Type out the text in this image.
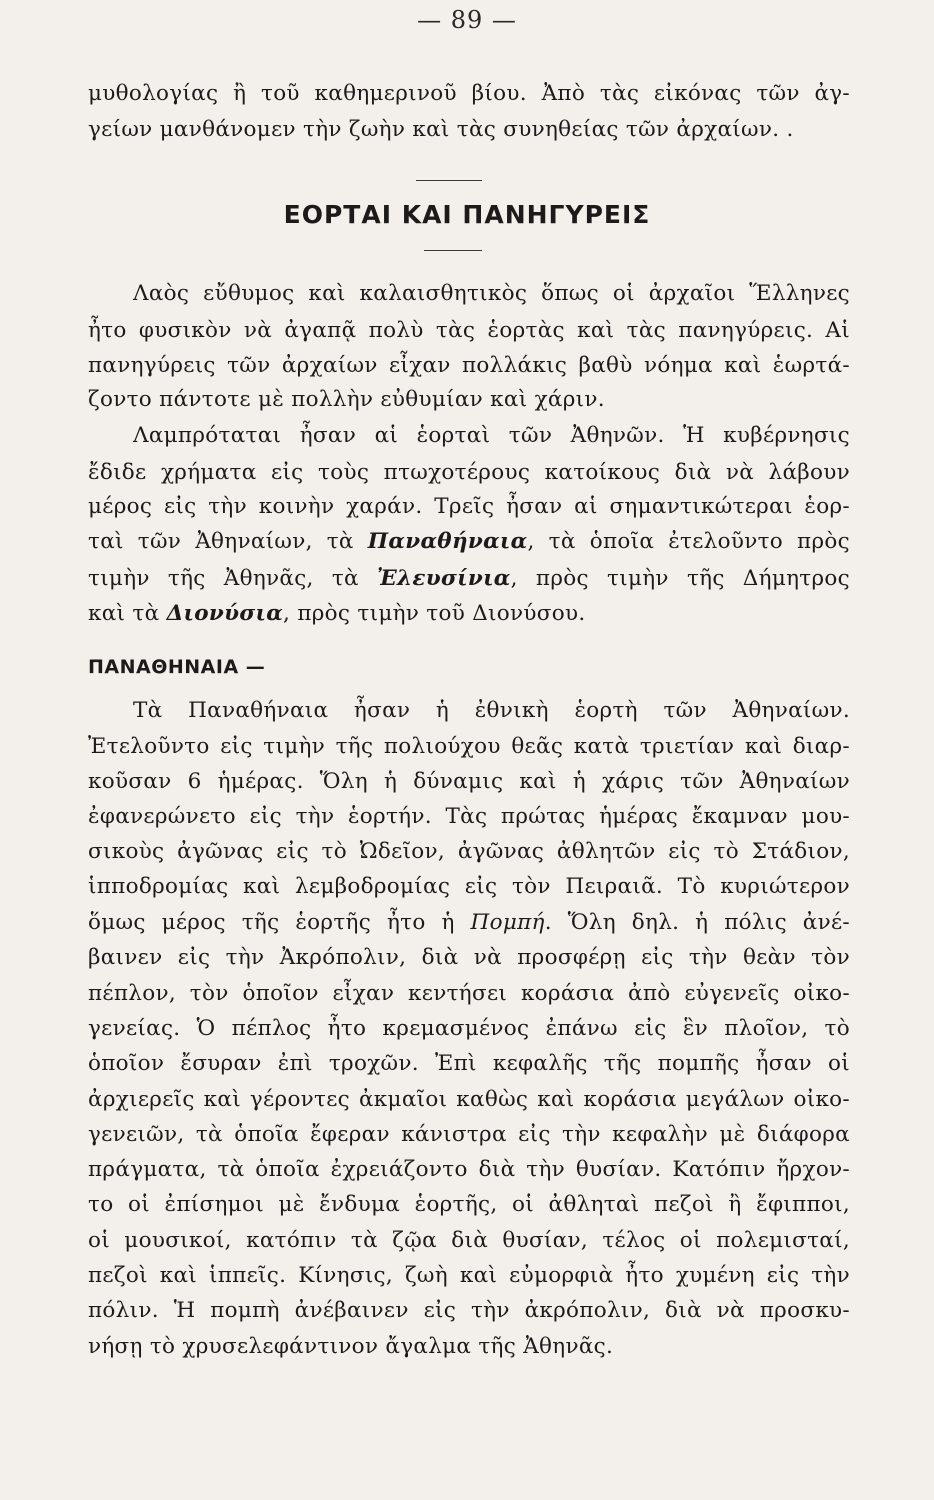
— 89 —
μυθολογίας ἢ τοῦ καθημερινοῦ βίου. Ἀπὸ τὰς εἰκόνας τῶν ἀγ-
γείων μανθάνομεν τὴν ζωὴν καὶ τὰς συνηθείας τῶν ἀρχαίων. .
ΕΟΡΤΑΙ ΚΑΙ ΠΑΝΗΓΥΡΕΙΣ
Λαὸς εὔθυμος καὶ καλαισθητικὸς ὅπως οἱ ἀρχαῖοι Ἕλληνες
ἦτο φυσικὸν νὰ ἀγαπᾷ πολὺ τὰς ἑορτὰς καὶ τὰς πανηγύρεις. Αἱ
πανηγύρεις τῶν ἀρχαίων εἶχαν πολλάκις βαθὺ νόημα καὶ ἑωρτά-
ζοντο πάντοτε μὲ πολλὴν εὐθυμίαν καὶ χάριν.
Λαμπρόταται ἦσαν αἱ ἑορταὶ τῶν Ἀθηνῶν. Ἡ κυβέρνησις
ἔδιδε χρήματα εἰς τοὺς πτωχοτέρους κατοίκους διὰ νὰ λάβουν
μέρος εἰς τὴν κοινὴν χαράν. Τρεῖς ἦσαν αἱ σημαντικώτεραι ἑορ-
ταὶ τῶν Ἀθηναίων, τὰ Παναθήναια, τὰ ὁποῖα ἐτελοῦντο πρὸς
τιμὴν τῆς Ἀθηνᾶς, τὰ Ἐλευσίνια, πρὸς τιμὴν τῆς Δήμητρος
καὶ τὰ Διονύσια, πρὸς τιμὴν τοῦ Διονύσου.
ΠΑΝΑΘΗΝΑΙΑ —
Τὰ Παναθήναια ἦσαν ἡ ἐθνικὴ ἑορτὴ τῶν Ἀθηναίων.
Ἐτελοῦντο εἰς τιμὴν τῆς πολιούχου θεᾶς κατὰ τριετίαν καὶ διαρ-
κοῦσαν 6 ἡμέρας. Ὅλη ἡ δύναμις καὶ ἡ χάρις τῶν Ἀθηναίων
ἐφανερώνετο εἰς τὴν ἑορτήν. Τὰς πρώτας ἡμέρας ἔκαμναν μου-
σικοὺς ἀγῶνας εἰς τὸ Ὠδεῖον, ἀγῶνας ἀθλητῶν εἰς τὸ Στάδιον,
ἱπποδρομίας καὶ λεμβοδρομίας εἰς τὸν Πειραιᾶ. Τὸ κυριώτερον
ὅμως μέρος τῆς ἑορτῆς ἦτο ἡ Πομπή. Ὅλη δηλ. ἡ πόλις ἀνέ-
βαινεν εἰς τὴν Ἀκρόπολιν, διὰ νὰ προσφέρῃ εἰς τὴν θεὰν τὸν
πέπλον, τὸν ὁποῖον εἶχαν κεντήσει κοράσια ἀπὸ εὐγενεῖς οἰκο-
γενείας. Ὁ πέπλος ἦτο κρεμασμένος ἐπάνω εἰς ἓν πλοῖον, τὸ
ὁποῖον ἔσυραν ἐπὶ τροχῶν. Ἐπὶ κεφαλῆς τῆς πομπῆς ἦσαν οἱ
ἀρχιερεῖς καὶ γέροντες ἀκμαῖοι καθὼς καὶ κοράσια μεγάλων οἰκο-
γενειῶν, τὰ ὁποῖα ἔφεραν κάνιστρα εἰς τὴν κεφαλὴν μὲ διάφορα
πράγματα, τὰ ὁποῖα ἐχρειάζοντο διὰ τὴν θυσίαν. Κατόπιν ἤρχον-
το οἱ ἐπίσημοι μὲ ἔνδυμα ἑορτῆς, οἱ ἀθληταὶ πεζοὶ ἢ ἔφιπποι,
οἱ μουσικοί, κατόπιν τὰ ζῷα διὰ θυσίαν, τέλος οἱ πολεμισταί,
πεζοὶ καὶ ἱππεῖς. Κίνησις, ζωὴ καὶ εὐμορφιὰ ἦτο χυμένη εἰς τὴν
πόλιν. Ἡ πομπὴ ἀνέβαινεν εἰς τὴν ἀκρόπολιν, διὰ νὰ προσκυ-
νήσῃ τὸ χρυσελεφάντινον ἄγαλμα τῆς Ἀθηνᾶς.
